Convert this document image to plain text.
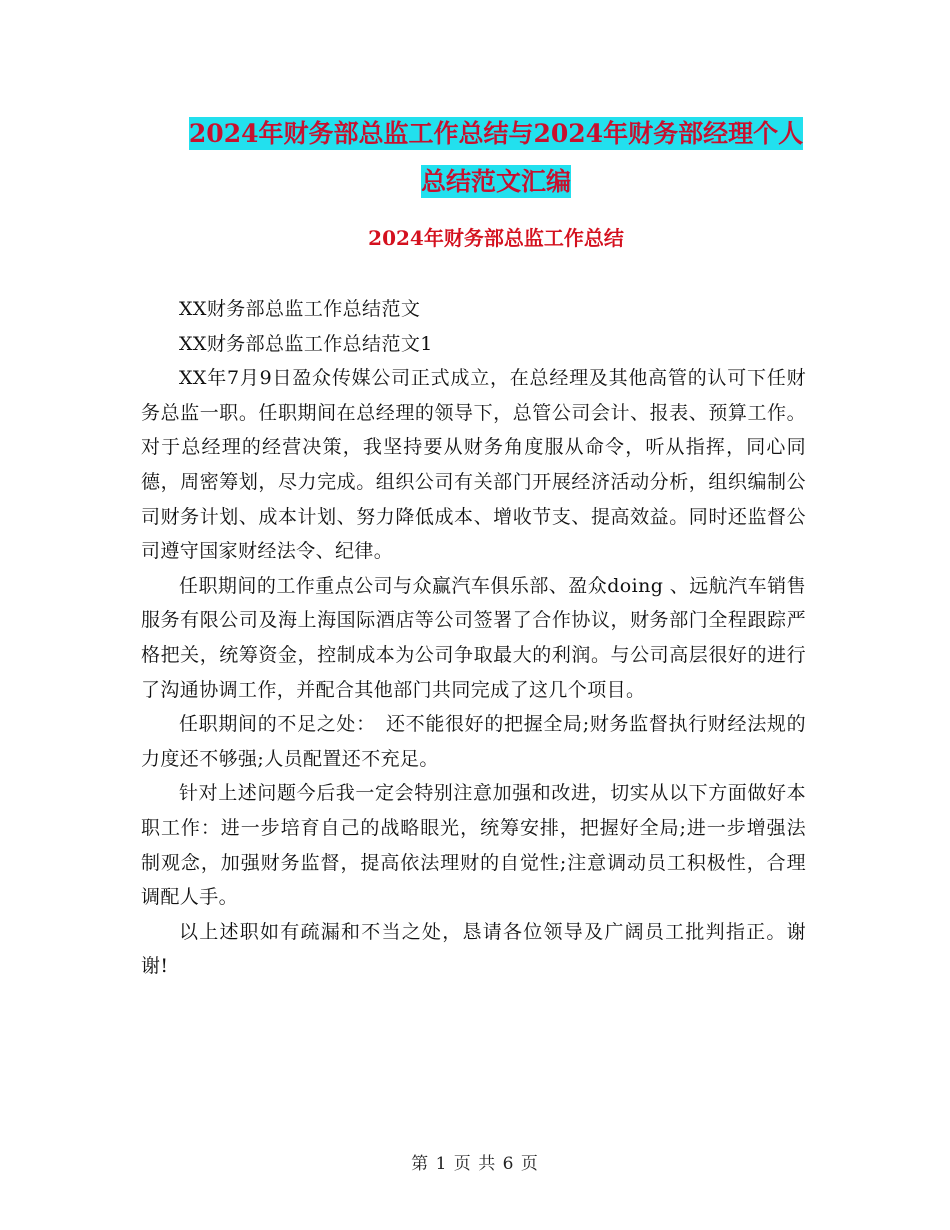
2024年财务部总监工作总结与2024年财务部经理个人
总结范文汇编
2024年财务部总监工作总结

XX财务部总监工作总结范文

XX财务部总监工作总结范文1

XX年7月9日盈众传媒公司正式成立，在总经理及其他高管的认可下任财务总监一职。任职期间在总经理的领导下，总管公司会计、报表、预算工作。对于总经理的经营决策，我坚持要从财务角度服从命令，听从指挥，同心同德，周密筹划，尽力完成。组织公司有关部门开展经济活动分析，组织编制公司财务计划、成本计划、努力降低成本、增收节支、提高效益。同时还监督公司遵守国家财经法令、纪律。

任职期间的工作重点公司与众赢汽车俱乐部、盈众doing 、远航汽车销售服务有限公司及海上海国际酒店等公司签署了合作协议，财务部门全程跟踪严格把关，统筹资金，控制成本为公司争取最大的利润。与公司高层很好的进行了沟通协调工作，并配合其他部门共同完成了这几个项目。

任职期间的不足之处：　还不能很好的把握全局;财务监督执行财经法规的力度还不够强;人员配置还不充足。

针对上述问题今后我一定会特别注意加强和改进，切实从以下方面做好本职工作：进一步培育自己的战略眼光，统筹安排，把握好全局;进一步增强法制观念，加强财务监督，提高依法理财的自觉性;注意调动员工积极性，合理调配人手。

以上述职如有疏漏和不当之处，恳请各位领导及广阔员工批判指正。谢谢!

第 1 页 共 6 页
